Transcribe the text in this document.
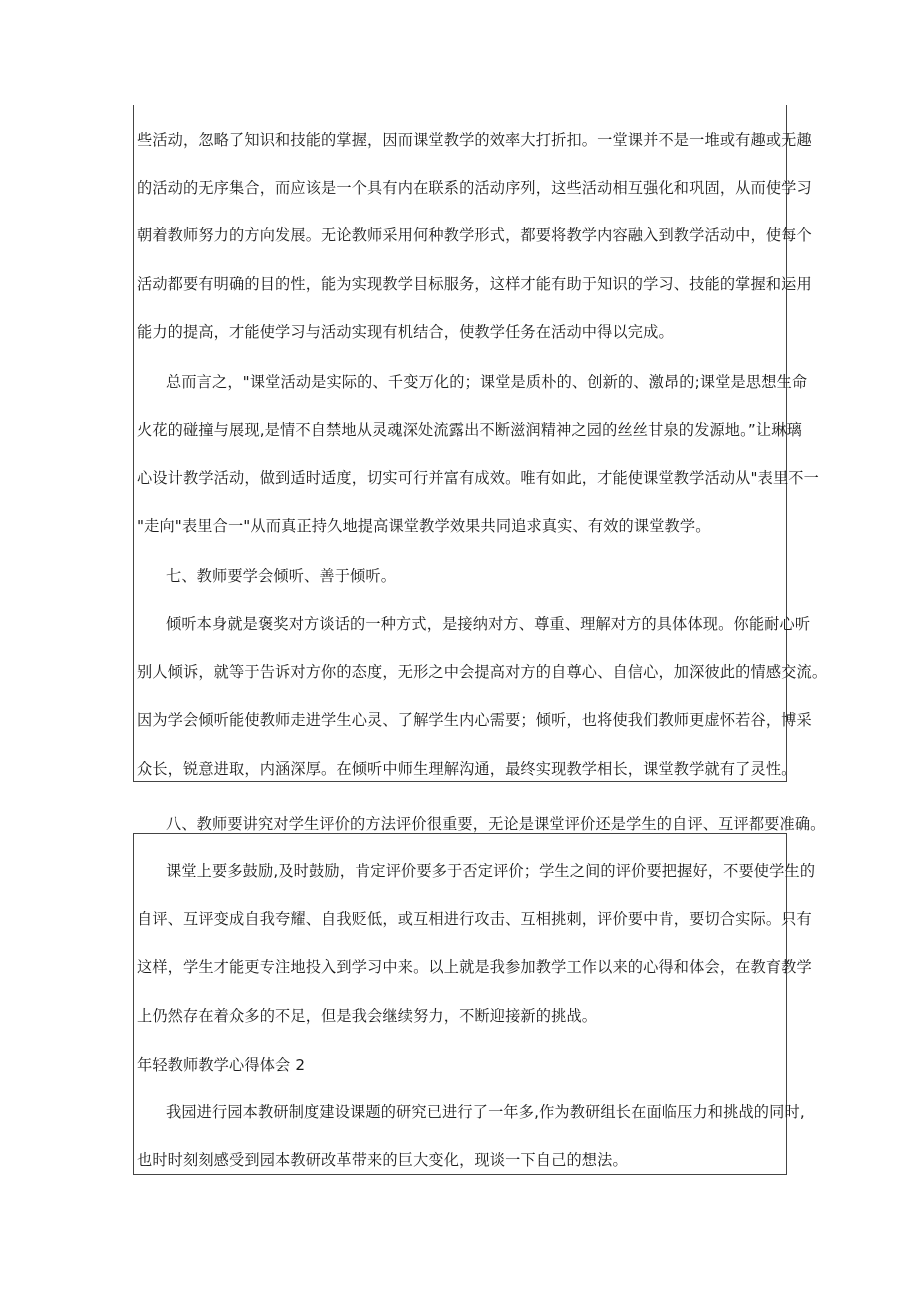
些活动，忽略了知识和技能的掌握，因而课堂教学的效率大打折扣。一堂课并不是一堆或有趣或无趣
的活动的无序集合，而应该是一个具有内在联系的活动序列，这些活动相互强化和巩固，从而使学习
朝着教师努力的方向发展。无论教师采用何种教学形式，都要将教学内容融入到教学活动中，使每个
活动都要有明确的目的性，能为实现教学目标服务，这样才能有助于知识的学习、技能的掌握和运用
能力的提高，才能使学习与活动实现有机结合，使教学任务在活动中得以完成。
总而言之，"课堂活动是实际的、千变万化的；课堂是质朴的、创新的、激昂的;课堂是思想生命
火花的碰撞与展现,是情不自禁地从灵魂深处流露出不断滋润精神之园的丝丝甘泉的发源地。”让琳璃
心设计教学活动，做到适时适度，切实可行并富有成效。唯有如此，才能使课堂教学活动从"表里不一
"走向"表里合一"从而真正持久地提高课堂教学效果共同追求真实、有效的课堂教学。
七、教师要学会倾听、善于倾听。
倾听本身就是褒奖对方谈话的一种方式，是接纳对方、尊重、理解对方的具体体现。你能耐心听
别人倾诉，就等于告诉对方你的态度，无形之中会提高对方的自尊心、自信心，加深彼此的情感交流。
因为学会倾听能使教师走进学生心灵、了解学生内心需要；倾听，也将使我们教师更虚怀若谷，博采
众长，锐意进取，内涵深厚。在倾听中师生理解沟通，最终实现教学相长，课堂教学就有了灵性。
八、教师要讲究对学生评价的方法评价很重要，无论是课堂评价还是学生的自评、互评都要准确。
课堂上要多鼓励,及时鼓励，肯定评价要多于否定评价；学生之间的评价要把握好，不要使学生的
自评、互评变成自我夸耀、自我贬低，或互相进行攻击、互相挑刺，评价要中肯，要切合实际。只有
这样，学生才能更专注地投入到学习中来。以上就是我参加教学工作以来的心得和体会，在教育教学
上仍然存在着众多的不足，但是我会继续努力，不断迎接新的挑战。
年轻教师教学心得体会 2
我园进行园本教研制度建设课题的研究已进行了一年多,作为教研组长在面临压力和挑战的同时,
也时时刻刻感受到园本教研改革带来的巨大变化，现谈一下自己的想法。
